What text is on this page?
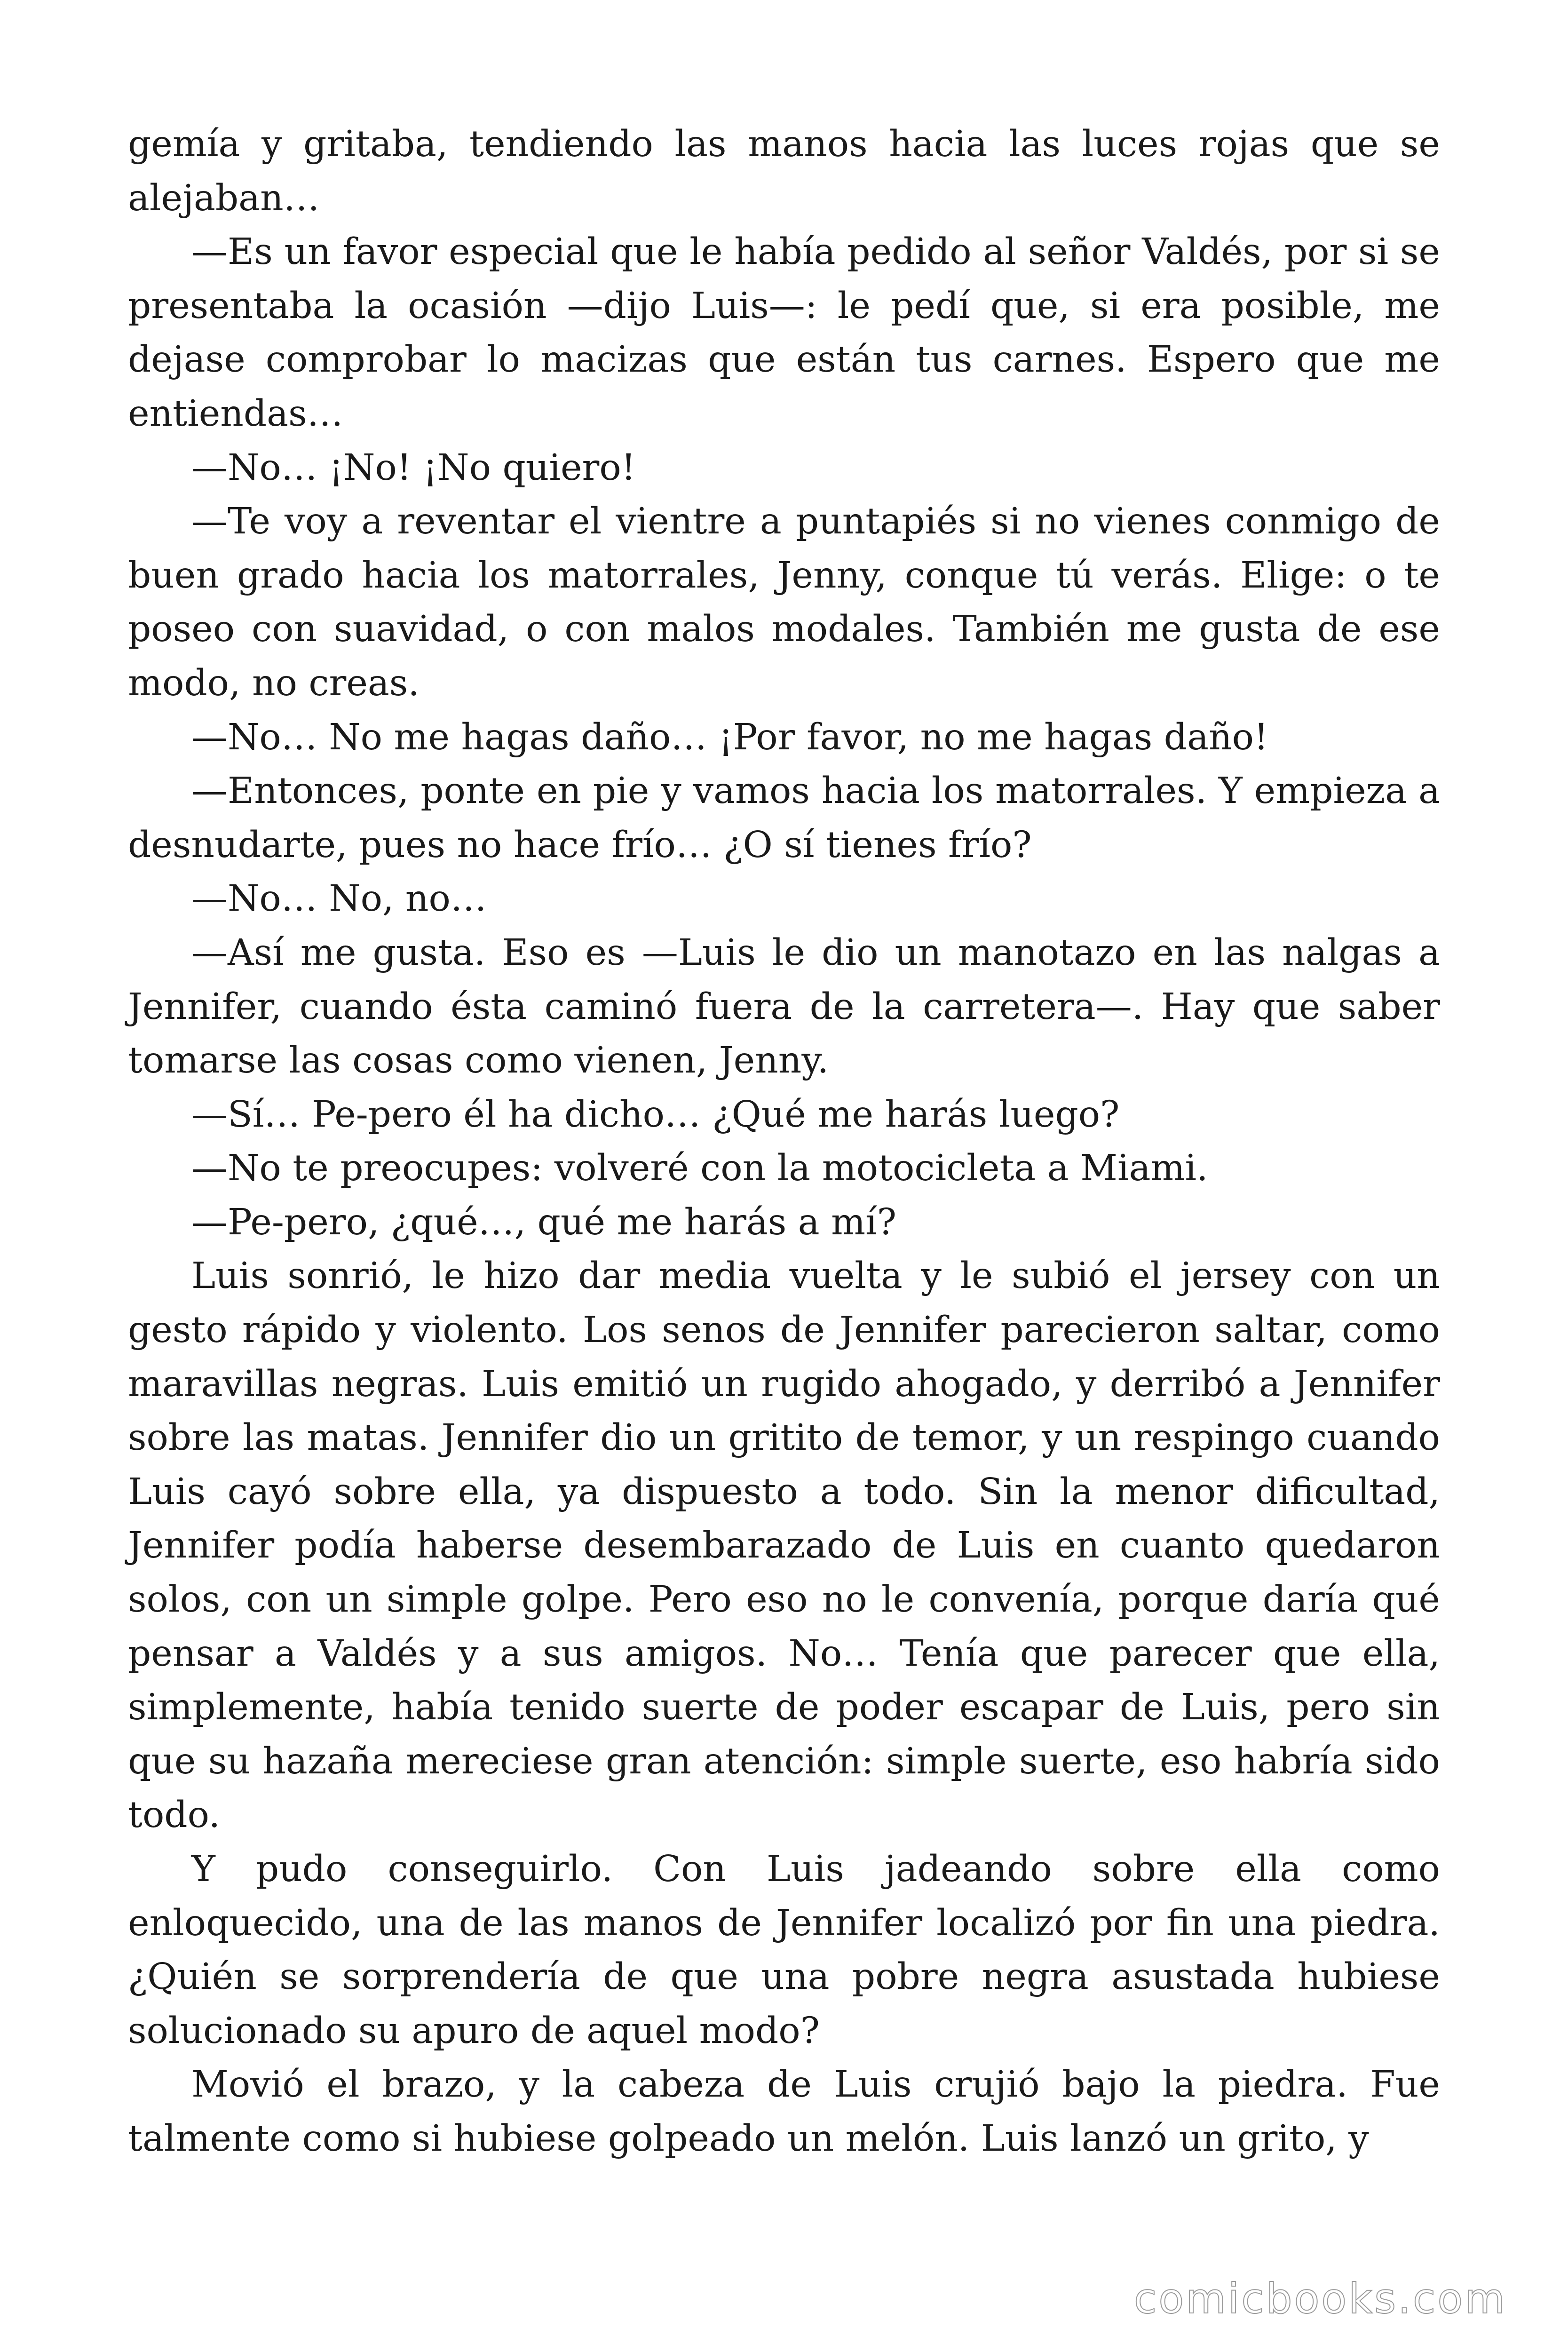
gemía y gritaba, tendiendo las manos hacia las luces rojas que se alejaban…

—Es un favor especial que le había pedido al señor Valdés, por si se presentaba la ocasión —dijo Luis—: le pedí que, si era posible, me dejase comprobar lo macizas que están tus carnes. Espero que me entiendas…

—No… ¡No! ¡No quiero!

—Te voy a reventar el vientre a puntapiés si no vienes conmigo de buen grado hacia los matorrales, Jenny, conque tú verás. Elige: o te poseo con suavidad, o con malos modales. También me gusta de ese modo, no creas.

—No… No me hagas daño… ¡Por favor, no me hagas daño!

—Entonces, ponte en pie y vamos hacia los matorrales. Y empieza a desnudarte, pues no hace frío… ¿O sí tienes frío?

—No… No, no…

—Así me gusta. Eso es —Luis le dio un manotazo en las nalgas a Jennifer, cuando ésta caminó fuera de la carretera—. Hay que saber tomarse las cosas como vienen, Jenny.

—Sí… Pe-pero él ha dicho… ¿Qué me harás luego?

—No te preocupes: volveré con la motocicleta a Miami.

—Pe-pero, ¿qué…, qué me harás a mí?

Luis sonrió, le hizo dar media vuelta y le subió el jersey con un gesto rápido y violento. Los senos de Jennifer parecieron saltar, como maravillas negras. Luis emitió un rugido ahogado, y derribó a Jennifer sobre las matas. Jennifer dio un gritito de temor, y un respingo cuando Luis cayó sobre ella, ya dispuesto a todo. Sin la menor dificultad, Jennifer podía haberse desembarazado de Luis en cuanto quedaron solos, con un simple golpe. Pero eso no le convenía, porque daría qué pensar a Valdés y a sus amigos. No… Tenía que parecer que ella, simplemente, había tenido suerte de poder escapar de Luis, pero sin que su hazaña mereciese gran atención: simple suerte, eso habría sido todo.

Y pudo conseguirlo. Con Luis jadeando sobre ella como enloquecido, una de las manos de Jennifer localizó por fin una piedra. ¿Quién se sorprendería de que una pobre negra asustada hubiese solucionado su apuro de aquel modo?

Movió el brazo, y la cabeza de Luis crujió bajo la piedra. Fue talmente como si hubiese golpeado un melón. Luis lanzó un grito, y

comicbooks.com
